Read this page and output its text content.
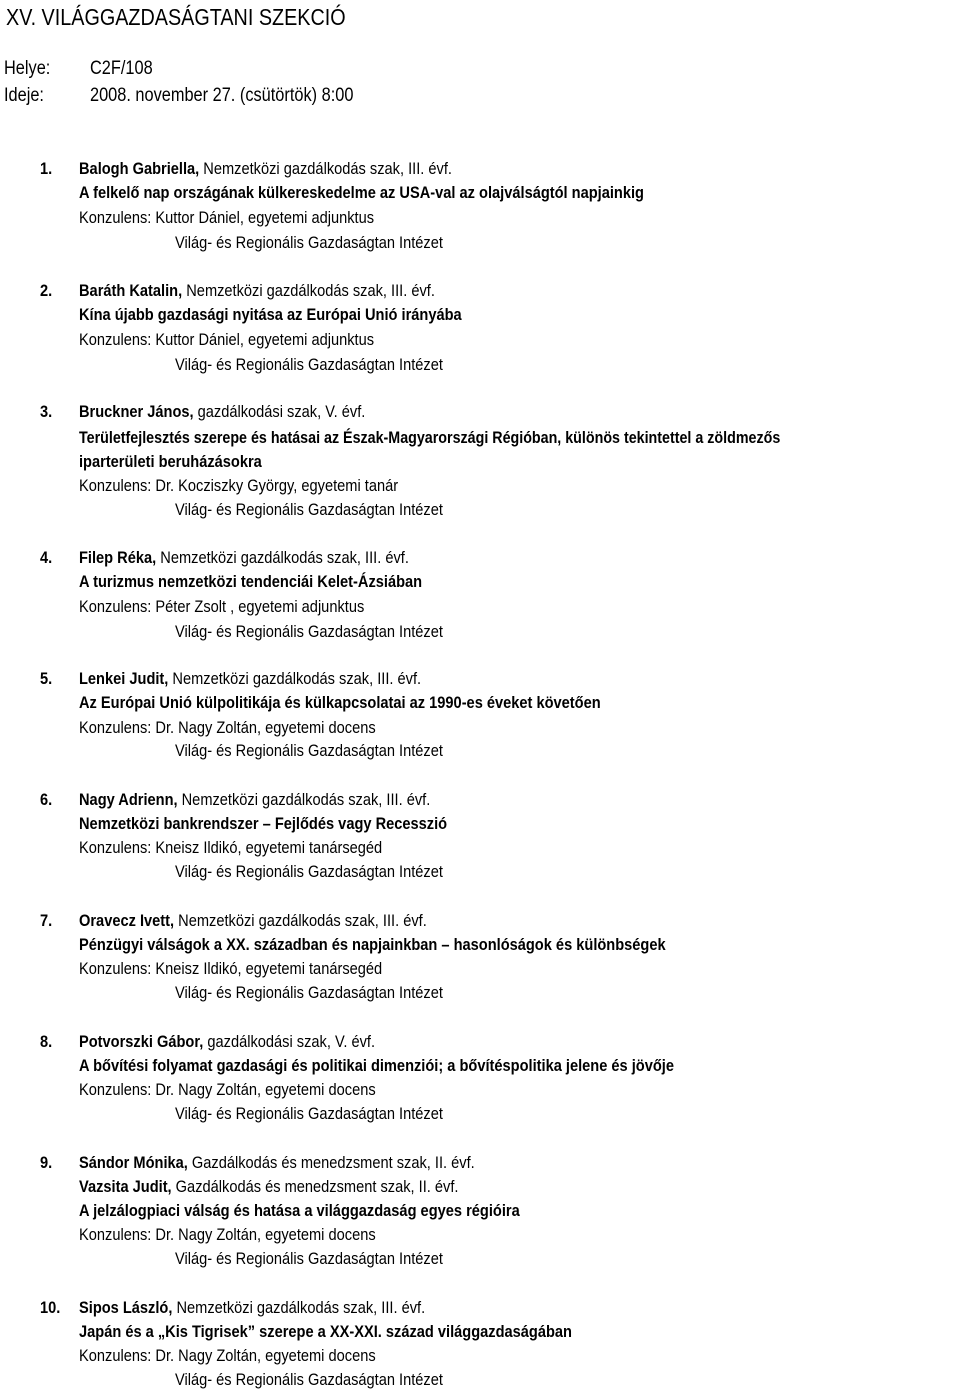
XV. VILÁGGAZDASÁGTANI SZEKCIÓ
Helye: C2F/108
Ideje: 2008. november 27. (csütörtök) 8:00
1. Balogh Gabriella, Nemzetközi gazdálkodás szak, III. évf.
A felkelő nap országának külkereskedelme az USA-val az olajválságtól napjainkig
Konzulens: Kuttor Dániel, egyetemi adjunktus
Világ- és Regionális Gazdaságtan Intézet
2. Baráth Katalin, Nemzetközi gazdálkodás szak, III. évf.
Kína újabb gazdasági nyitása az Európai Unió irányába
Konzulens: Kuttor Dániel, egyetemi adjunktus
Világ- és Regionális Gazdaságtan Intézet
3. Bruckner János, gazdálkodási szak, V. évf.
Területfejlesztés szerepe és hatásai az Észak-Magyarországi Régióban, különös tekintettel a zöldmezős
iparterületi beruházásokra
Konzulens: Dr. Kocziszky György, egyetemi tanár
Világ- és Regionális Gazdaságtan Intézet
4. Filep Réka, Nemzetközi gazdálkodás szak, III. évf.
A turizmus nemzetközi tendenciái Kelet-Ázsiában
Konzulens: Péter Zsolt , egyetemi adjunktus
Világ- és Regionális Gazdaságtan Intézet
5. Lenkei Judit, Nemzetközi gazdálkodás szak, III. évf.
Az Európai Unió külpolitikája és külkapcsolatai az 1990-es éveket követően
Konzulens: Dr. Nagy Zoltán, egyetemi docens
Világ- és Regionális Gazdaságtan Intézet
6. Nagy Adrienn, Nemzetközi gazdálkodás szak, III. évf.
Nemzetközi bankrendszer – Fejlődés vagy Recesszió
Konzulens: Kneisz Ildikó, egyetemi tanársegéd
Világ- és Regionális Gazdaságtan Intézet
7. Oravecz Ivett, Nemzetközi gazdálkodás szak, III. évf.
Pénzügyi válságok a XX. században és napjainkban – hasonlóságok és különbségek
Konzulens: Kneisz Ildikó, egyetemi tanársegéd
Világ- és Regionális Gazdaságtan Intézet
8. Potvorszki Gábor, gazdálkodási szak, V. évf.
A bővítési folyamat gazdasági és politikai dimenziói; a bővítéspolitika jelene és jövője
Konzulens: Dr. Nagy Zoltán, egyetemi docens
Világ- és Regionális Gazdaságtan Intézet
9. Sándor Mónika, Gazdálkodás és menedzsment szak, II. évf.
Vazsita Judit, Gazdálkodás és menedzsment szak, II. évf.
A jelzálogpiaci válság és hatása a világgazdaság egyes régióira
Konzulens: Dr. Nagy Zoltán, egyetemi docens
Világ- és Regionális Gazdaságtan Intézet
10. Sipos László, Nemzetközi gazdálkodás szak, III. évf.
Japán és a „Kis Tigrisek” szerepe a XX-XXI. század világgazdaságában
Konzulens: Dr. Nagy Zoltán, egyetemi docens
Világ- és Regionális Gazdaságtan Intézet
